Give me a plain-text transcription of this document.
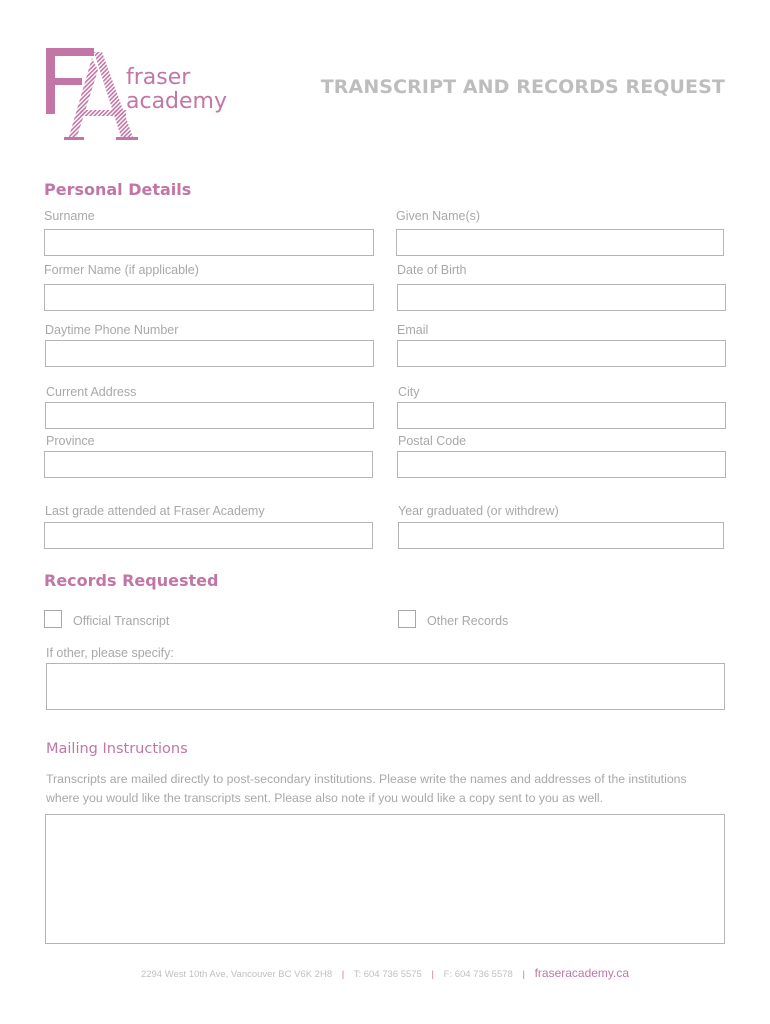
fraser
academy
TRANSCRIPT AND RECORDS REQUEST
Personal Details
Surname	Given Name(s)
Former Name (if applicable)	Date of Birth
Daytime Phone Number	Email
Current Address	City
Province	Postal Code
Last grade attended at Fraser Academy	Year graduated (or withdrew)
Records Requested
Official Transcript	Other Records
If other, please specify:
Mailing Instructions
Transcripts are mailed directly to post-secondary institutions. Please write the names and addresses of the institutions
where you would like the transcripts sent. Please also note if you would like a copy sent to you as well.
2294 West 10th Ave, Vancouver BC V6K 2H8 | T: 604 736 5575 | F: 604 736 5578 | fraseracademy.ca
